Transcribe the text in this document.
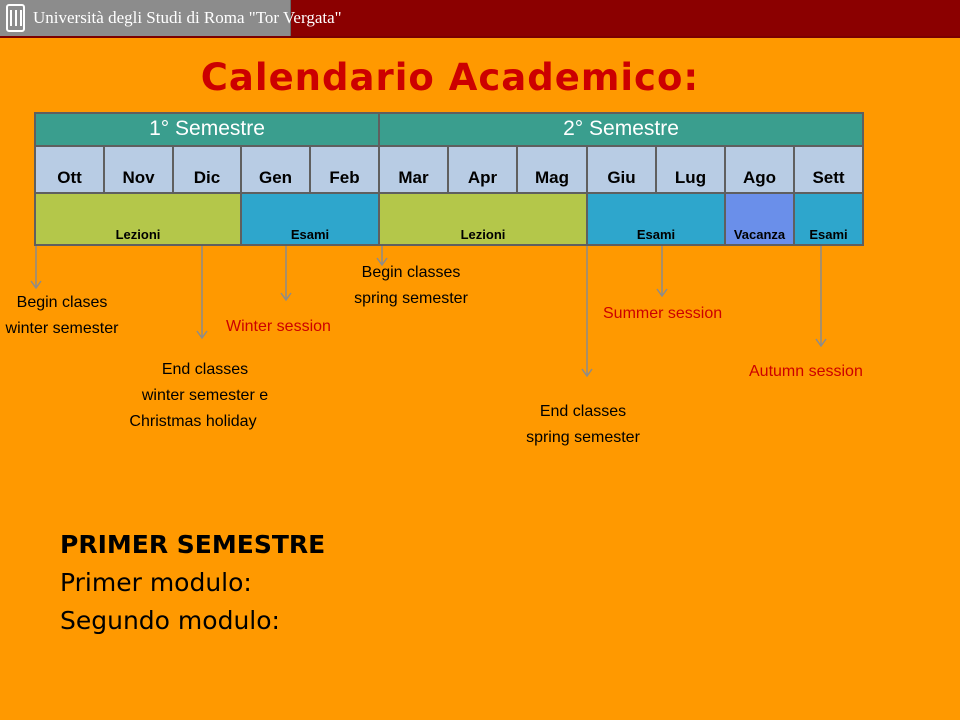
Università degli Studi di Roma "Tor Vergata"
Calendario Academico:
1° Semestre	2° Semestre
Ott	Nov	Dic	Gen	Feb	Mar	Apr	Mag	Giu	Lug	Ago	Sett
Lezioni	Esami	Lezioni	Esami	Vacanza	Esami
Begin clases
winter semester
End classes
winter semester e
Christmas holiday
Winter session
Begin classes
spring semester
End classes
spring semester
Summer session
Autumn session
PRIMER SEMESTRE
Primer modulo:
Segundo modulo:
